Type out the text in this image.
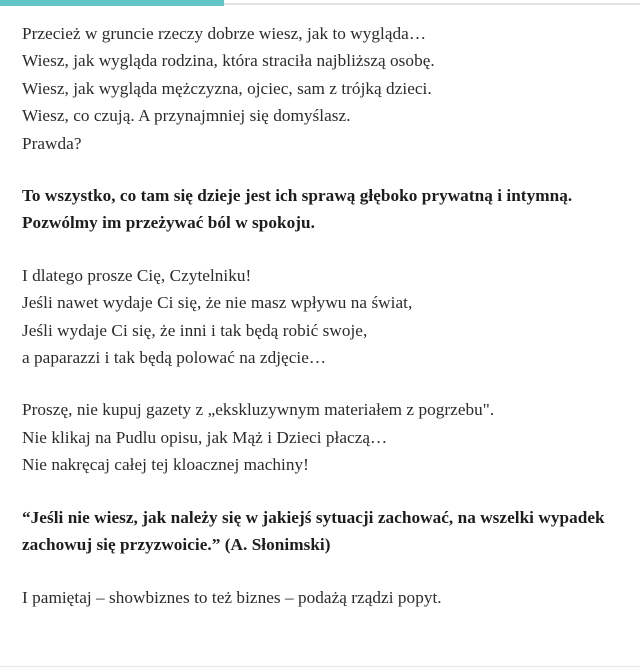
Przecież w gruncie rzeczy dobrze wiesz, jak to wygląda…
Wiesz, jak wygląda rodzina, która straciła najbliższą osobę.
Wiesz, jak wygląda mężczyzna, ojciec, sam z trójką dzieci.
Wiesz, co czują. A przynajmniej się domyślasz.
Prawda?
To wszystko, co tam się dzieje jest ich sprawą głęboko prywatną i intymną.
Pozwólmy im przeżywać ból w spokoju.
I dlatego prosze Cię, Czytelniku!
Jeśli nawet wydaje Ci się, że nie masz wpływu na świat,
Jeśli wydaje Ci się, że inni i tak będą robić swoje,
a paparazzi i tak będą polować na zdjęcie…
Proszę, nie kupuj gazety z „ekskluzywnym materiałem z pogrzebu".
Nie klikaj na Pudlu opisu, jak Mąż i Dzieci płaczą…
Nie nakręcaj całej tej kloacznej machiny!
“Jeśli nie wiesz, jak należy się w jakiejś sytuacji zachować, na wszelki wypadek zachowuj się przyzwoicie.” (A. Słonimski)
I pamiętaj – showbiznes to też biznes – podażą rządzi popyt.
